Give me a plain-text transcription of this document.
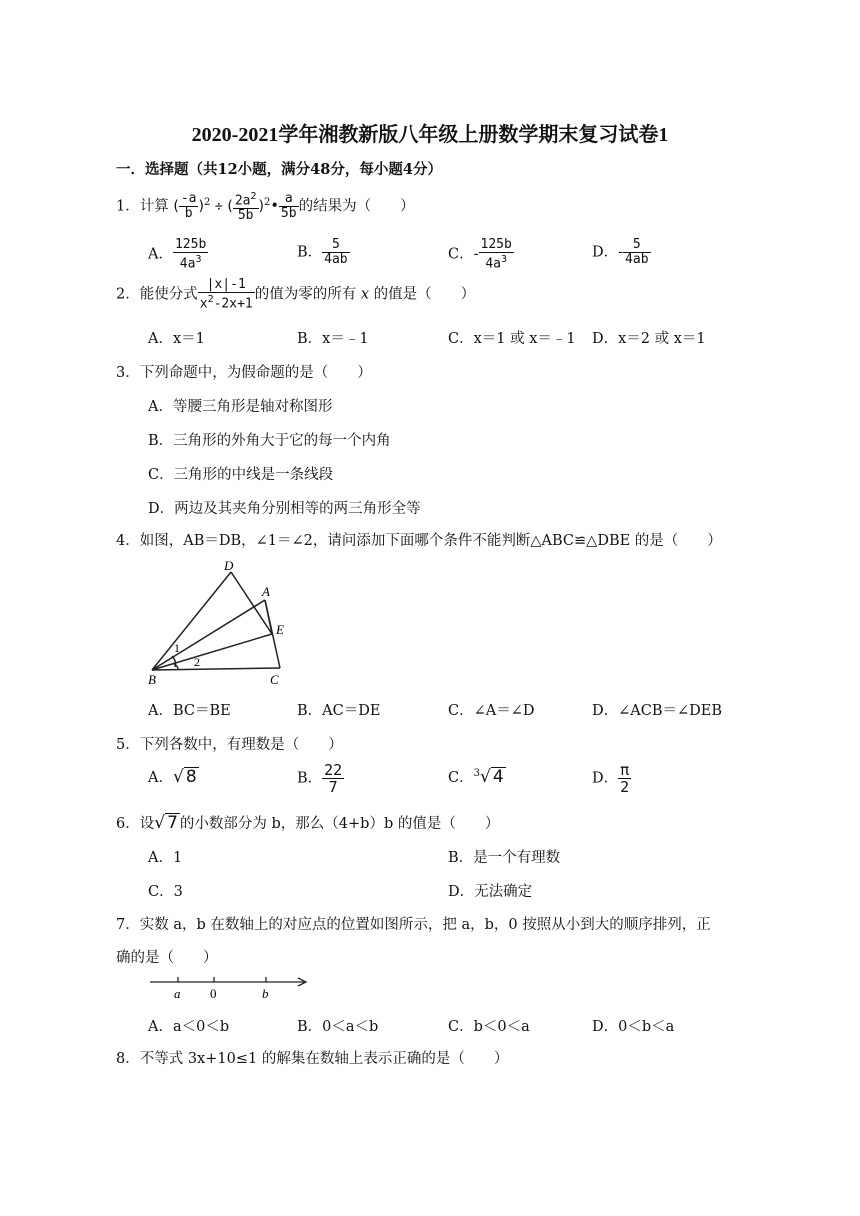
2020-2021学年湘教新版八年级上册数学期末复习试卷1
一．选择题（共12小题，满分48分，每小题4分）
1．计算 ( $\frac{-a}{b} )^2$ ÷ ( $\frac{2a^2}{5b}$ )$^2$• $\frac{a}{5b}$ 的结果为（　　）
A． $\frac{125b}{4a^3}$	B． $\frac{5}{4ab}$	C．- $\frac{125b}{4a^3}$	D．- $\frac{5}{4ab}$
2．能使分式 $\frac{|x|-1}{x^2-2x+1}$ 的值为零的所有 x 的值是（　　）
A．x＝1	B．x＝﹣1	C．x＝1 或 x＝﹣1 D．x＝2 或 x＝1
3．下列命题中，为假命题的是（　　）
A．等腰三角形是轴对称图形
B．三角形的外角大于它的每一个内角
C．三角形的中线是一条线段
D．两边及其夹角分别相等的两三角形全等
4．如图，AB＝DB，∠1＝∠2，请问添加下面哪个条件不能判断△ABC≌△DBE 的是（　　）
D
A
E
B	C
1
2
A．BC＝BE	B．AC＝DE	C．∠A＝∠D	D．∠ACB＝∠DEB
5．下列各数中，有理数是（　　）
A．√ 8	B． $\frac{22}{7}$	C．$^3$√ 4	D． $\frac{\pi}{2}$
6．设√ 7 的小数部分为 b，那么（4+b）b 的值是（　　）
A．1	B．是一个有理数
C．3	D．无法确定
7．实数 a，b 在数轴上的对应点的位置如图所示，把 a，b，0 按照从小到大的顺序排列，正
确的是（　　）
a 0	b
A．a＜0＜b	B．0＜a＜b	C．b＜0＜a	D．0＜b＜a
8．不等式 3x+10≤1 的解集在数轴上表示正确的是（　　）
